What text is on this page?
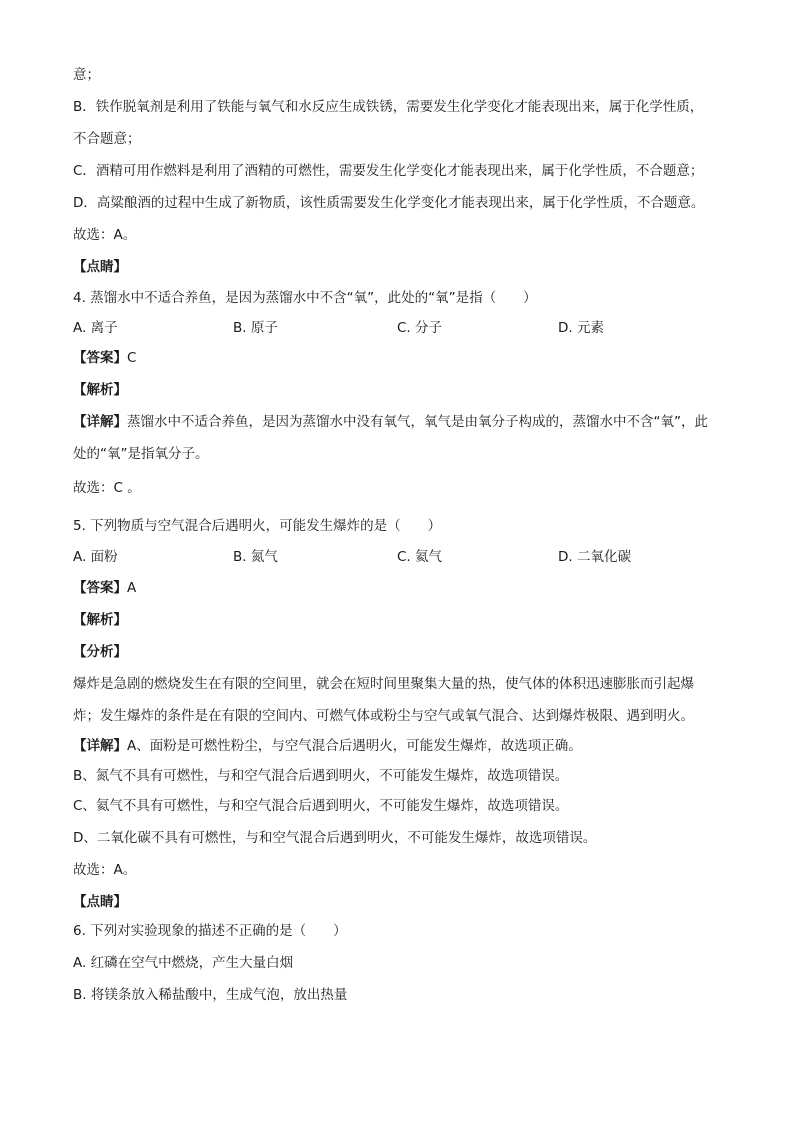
意；
B．铁作脱氧剂是利用了铁能与氧气和水反应生成铁锈，需要发生化学变化才能表现出来，属于化学性质，
不合题意；
C．酒精可用作燃料是利用了酒精的可燃性，需要发生化学变化才能表现出来，属于化学性质，不合题意；
D．高粱酿酒的过程中生成了新物质，该性质需要发生化学变化才能表现出来，属于化学性质，不合题意。
故选：A。
【点睛】
4. 蒸馏水中不适合养鱼，是因为蒸馏水中不含“氧”，此处的“氧”是指（　　）
A. 离子	B. 原子	C. 分子	D. 元素
【答案】C
【解析】
【详解】蒸馏水中不适合养鱼，是因为蒸馏水中没有氧气，氧气是由氧分子构成的，蒸馏水中不含“氧”，此
处的“氧”是指氧分子。
故选：C 。
5. 下列物质与空气混合后遇明火，可能发生爆炸的是（　　）
A. 面粉	B. 氮气	C. 氦气	D. 二氧化碳
【答案】A
【解析】
【分析】
爆炸是急剧的燃烧发生在有限的空间里，就会在短时间里聚集大量的热，使气体的体积迅速膨胀而引起爆
炸；发生爆炸的条件是在有限的空间内、可燃气体或粉尘与空气或氧气混合、达到爆炸极限、遇到明火。
【详解】A、面粉是可燃性粉尘，与空气混合后遇明火，可能发生爆炸，故选项正确。
B、氮气不具有可燃性，与和空气混合后遇到明火，不可能发生爆炸，故选项错误。
C、氦气不具有可燃性，与和空气混合后遇到明火，不可能发生爆炸，故选项错误。
D、二氧化碳不具有可燃性，与和空气混合后遇到明火，不可能发生爆炸，故选项错误。
故选：A。
【点睛】
6. 下列对实验现象的描述不正确的是（　　）
A. 红磷在空气中燃烧，产生大量白烟
B. 将镁条放入稀盐酸中，生成气泡，放出热量
